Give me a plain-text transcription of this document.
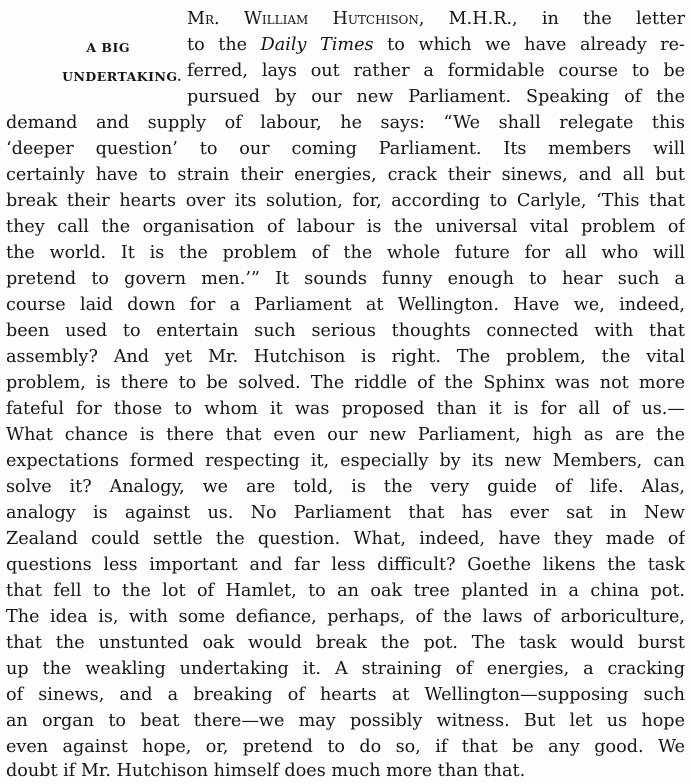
A BIG
UNDERTAKING.
Mr. William Hutchison, M.H.R., in the letter
to the Daily Times to which we have already re-
ferred, lays out rather a formidable course to be
pursued by our new Parliament. Speaking of the
demand and supply of labour, he says: “We shall relegate this
‘deeper question’ to our coming Parliament. Its members will
certainly have to strain their energies, crack their sinews, and all but
break their hearts over its solution, for, according to Carlyle, ‘This that
they call the organisation of labour is the universal vital problem of
the world. It is the problem of the whole future for all who will
pretend to govern men.’” It sounds funny enough to hear such a
course laid down for a Parliament at Wellington. Have we, indeed,
been used to entertain such serious thoughts connected with that
assembly? And yet Mr. Hutchison is right. The problem, the vital
problem, is there to be solved. The riddle of the Sphinx was not more
fateful for those to whom it was proposed than it is for all of us.—
What chance is there that even our new Parliament, high as are the
expectations formed respecting it, especially by its new Members, can
solve it? Analogy, we are told, is the very guide of life. Alas,
analogy is against us. No Parliament that has ever sat in New
Zealand could settle the question. What, indeed, have they made of
questions less important and far less difficult? Goethe likens the task
that fell to the lot of Hamlet, to an oak tree planted in a china pot.
The idea is, with some defiance, perhaps, of the laws of arboriculture,
that the unstunted oak would break the pot. The task would burst
up the weakling undertaking it. A straining of energies, a cracking
of sinews, and a breaking of hearts at Wellington—supposing such
an organ to beat there—we may possibly witness. But let us hope
even against hope, or, pretend to do so, if that be any good. We
doubt if Mr. Hutchison himself does much more than that.
